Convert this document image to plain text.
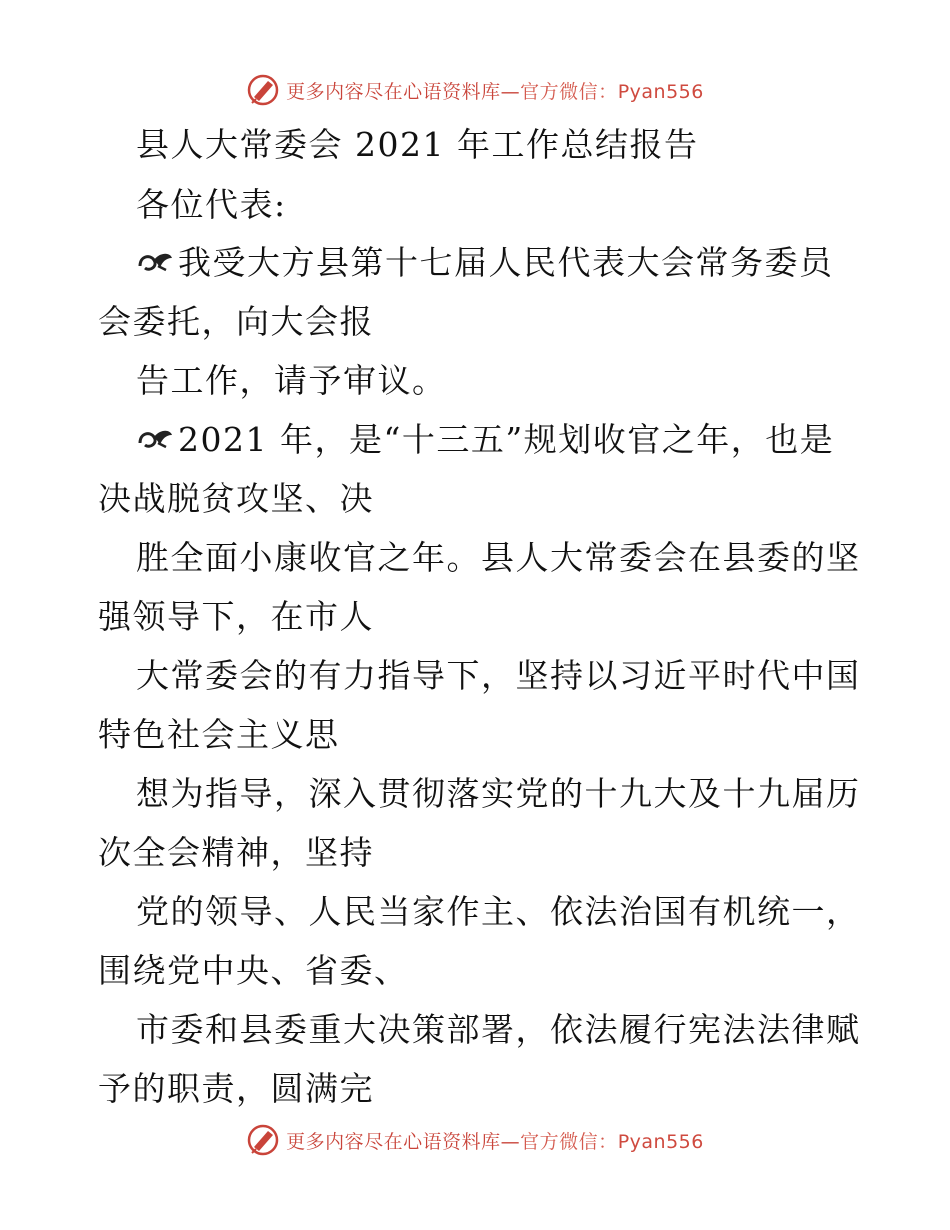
更多内容尽在心语资料库—官方微信：Pyan556
县人大常委会 2021 年工作总结报告
各位代表:
我受大方县第十七届人民代表大会常务委员
会委托，向大会报
告工作，请予审议。
2021 年，是“十三五”规划收官之年，也是
决战脱贫攻坚、决
胜全面小康收官之年。县人大常委会在县委的坚
强领导下，在市人
大常委会的有力指导下，坚持以习近平时代中国
特色社会主义思
想为指导，深入贯彻落实党的十九大及十九届历
次全会精神，坚持
党的领导、人民当家作主、依法治国有机统一，
围绕党中央、省委、
市委和县委重大决策部署，依法履行宪法法律赋
予的职责，圆满完
更多内容尽在心语资料库—官方微信：Pyan556
